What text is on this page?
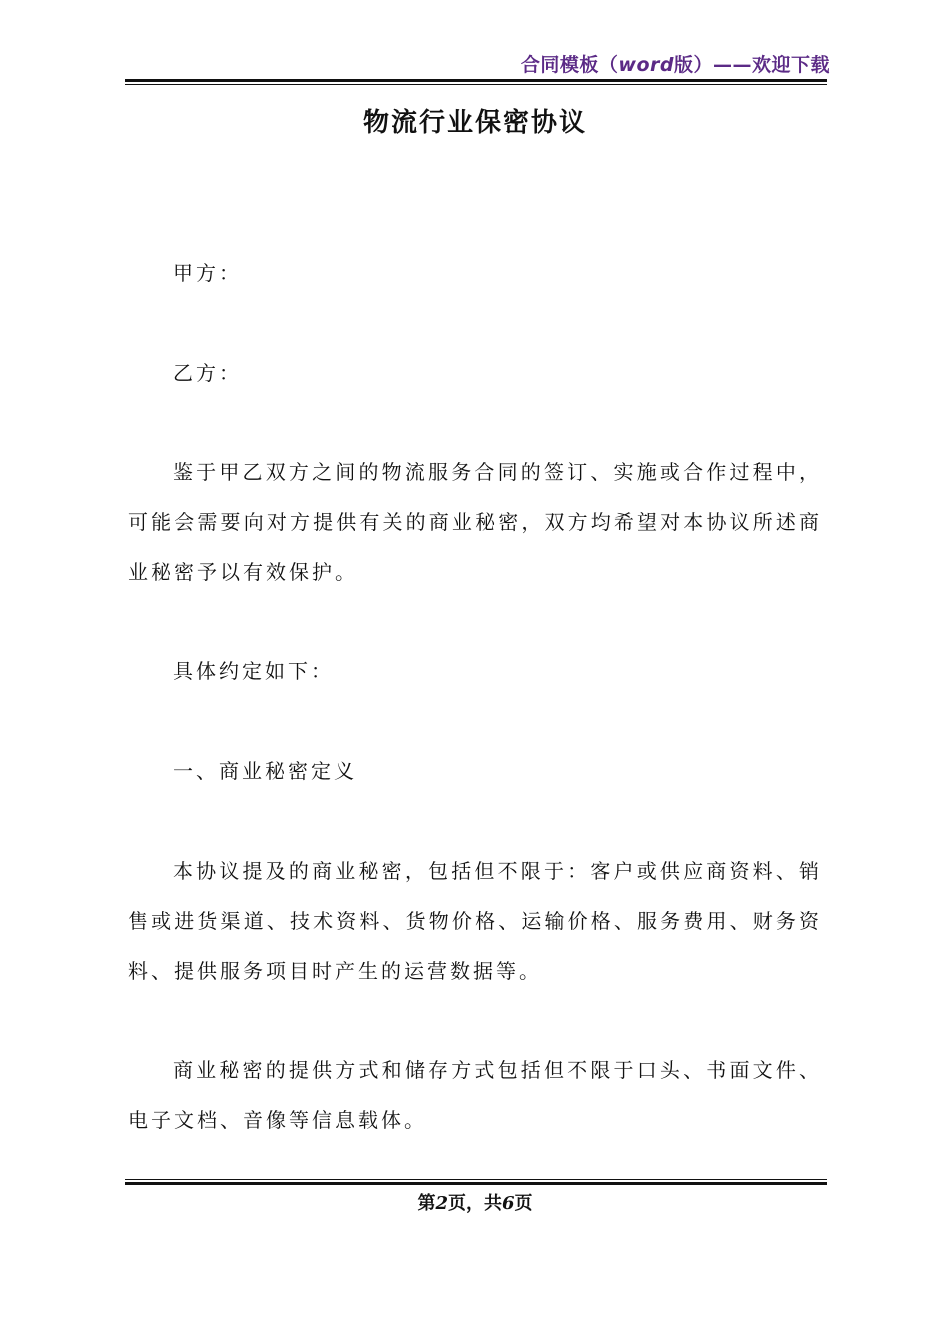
合同模板（word版）——欢迎下载
物流行业保密协议

甲方：

乙方：

鉴于甲乙双方之间的物流服务合同的签订、实施或合作过程中，可能会需要向对方提供有关的商业秘密，双方均希望对本协议所述商业秘密予以有效保护。

具体约定如下：

一、商业秘密定义

本协议提及的商业秘密，包括但不限于：客户或供应商资料、销售或进货渠道、技术资料、货物价格、运输价格、服务费用、财务资料、提供服务项目时产生的运营数据等。

商业秘密的提供方式和储存方式包括但不限于口头、书面文件、电子文档、音像等信息载体。

第2页，共6页
